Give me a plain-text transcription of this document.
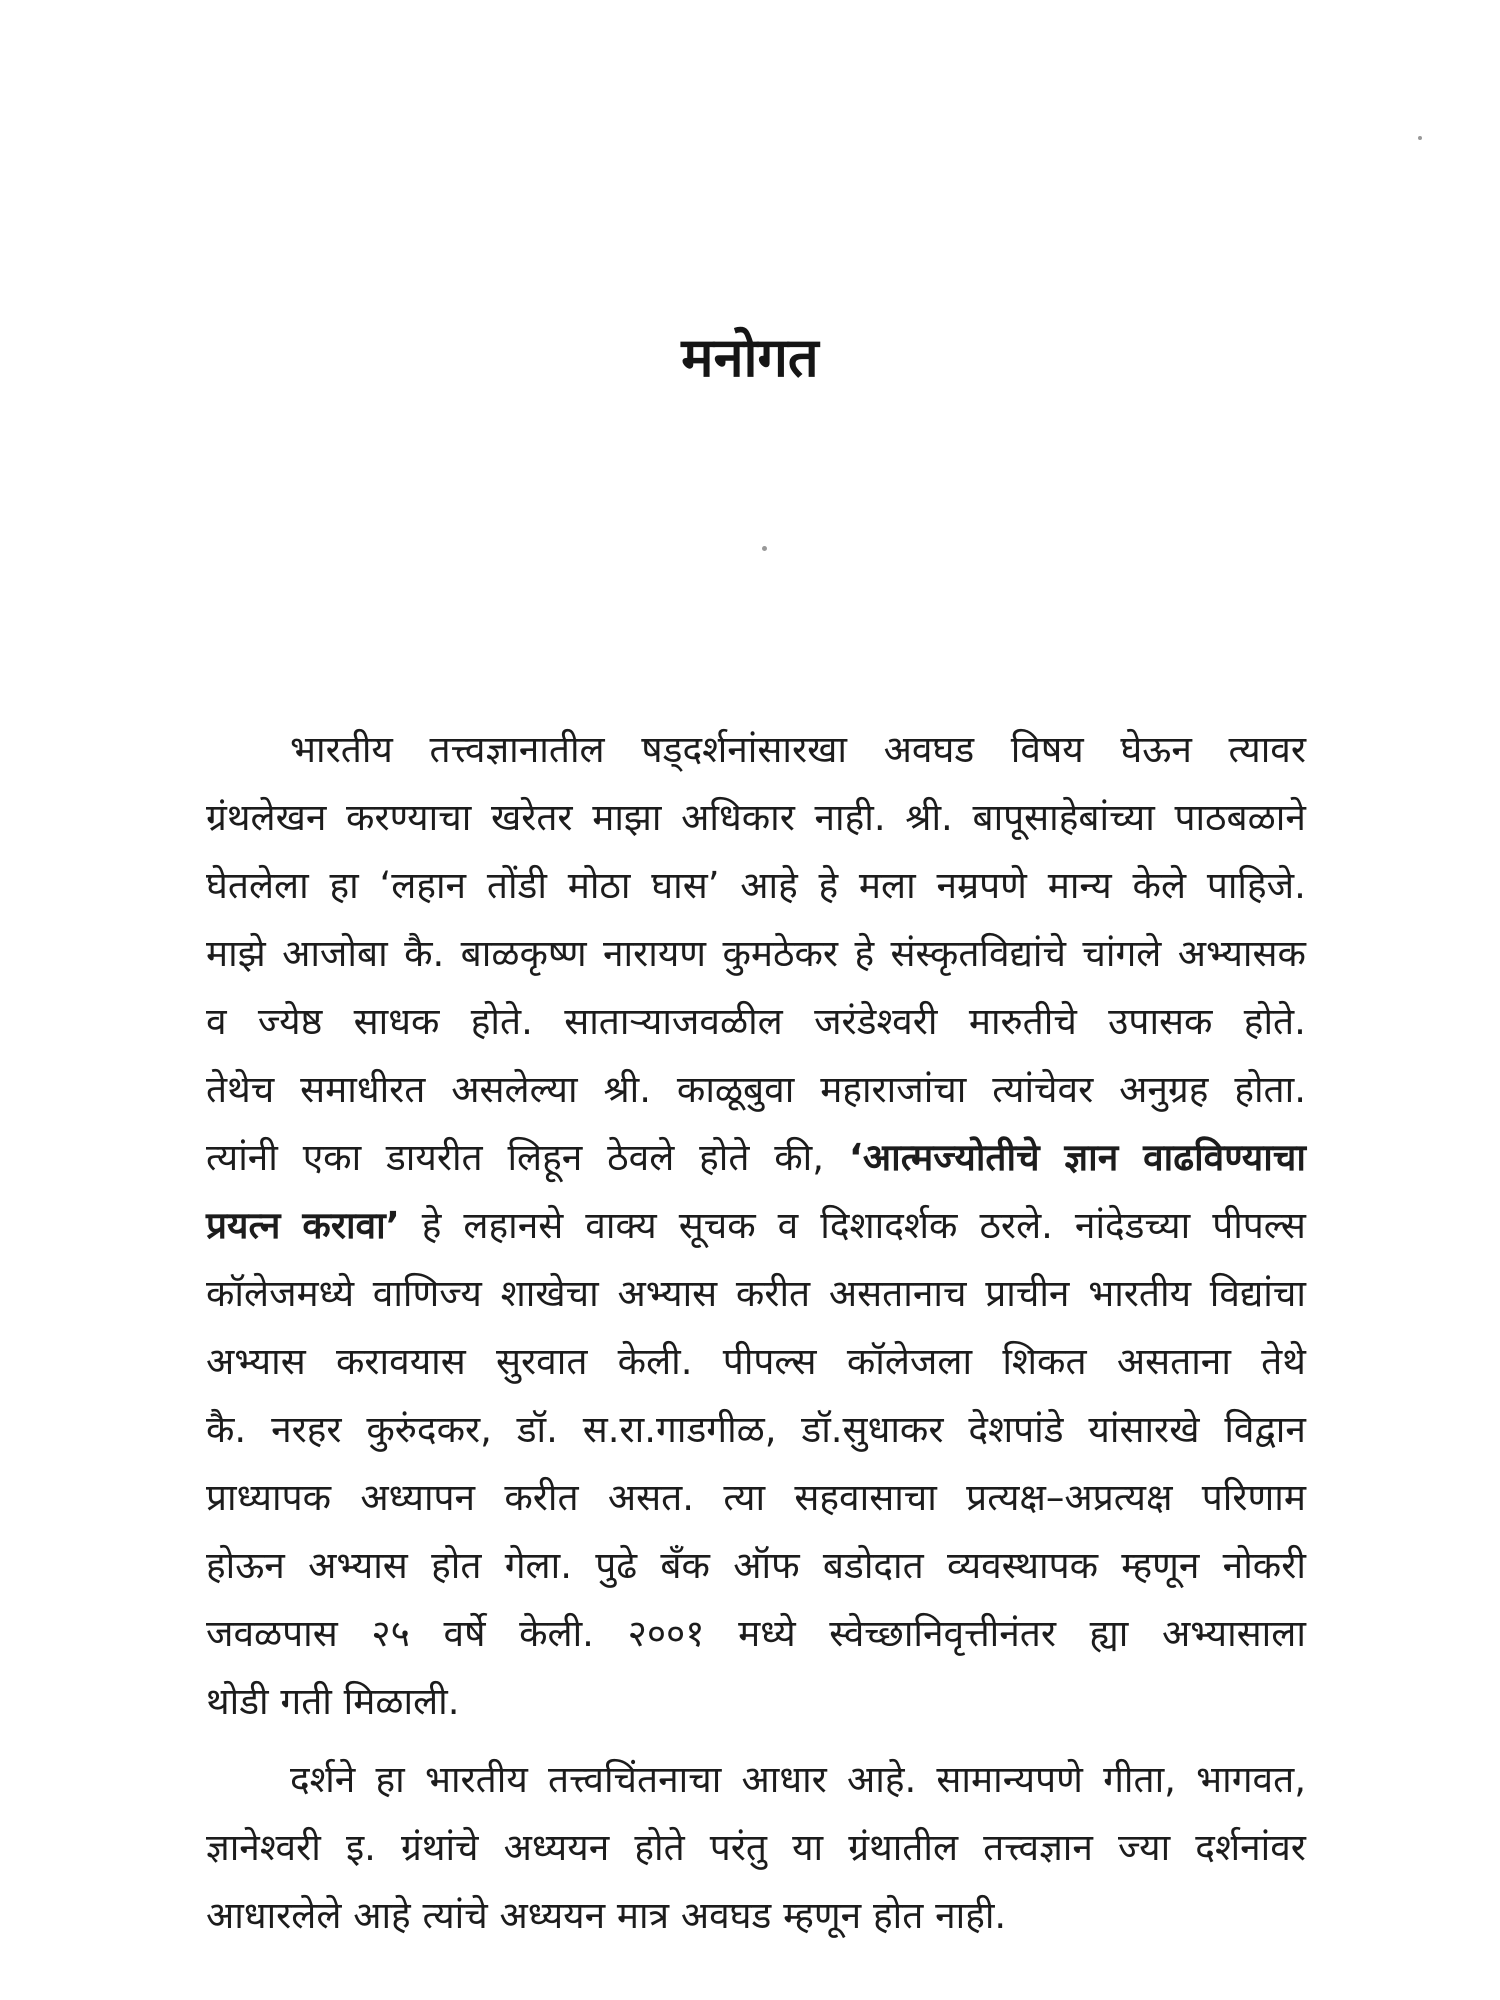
मनोगत
भारतीय तत्त्वज्ञानातील षड्दर्शनांसारखा अवघड विषय घेऊन त्यावर
ग्रंथलेखन करण्याचा खरेतर माझा अधिकार नाही. श्री. बापूसाहेबांच्या पाठबळाने
घेतलेला हा ‘लहान तोंडी मोठा घास’ आहे हे मला नम्रपणे मान्य केले पाहिजे.
माझे आजोबा कै. बाळकृष्ण नारायण कुमठेकर हे संस्कृतविद्यांचे चांगले अभ्यासक
व ज्येष्ठ साधक होते. साताऱ्याजवळील जरंडेश्वरी मारुतीचे उपासक होते.
तेथेच समाधीरत असलेल्या श्री. काळूबुवा महाराजांचा त्यांचेवर अनुग्रह होता.
त्यांनी एका डायरीत लिहून ठेवले होते की, ‘आत्मज्योतीचे ज्ञान वाढविण्याचा
प्रयत्न करावा’ हे लहानसे वाक्य सूचक व दिशादर्शक ठरले. नांदेडच्या पीपल्स
कॉलेजमध्ये वाणिज्य शाखेचा अभ्यास करीत असतानाच प्राचीन भारतीय विद्यांचा
अभ्यास करावयास सुरवात केली. पीपल्स कॉलेजला शिकत असताना तेथे
कै. नरहर कुरुंदकर, डॉ. स.रा.गाडगीळ, डॉ.सुधाकर देशपांडे यांसारखे विद्वान
प्राध्यापक अध्यापन करीत असत. त्या सहवासाचा प्रत्यक्ष–अप्रत्यक्ष परिणाम
होऊन अभ्यास होत गेला. पुढे बँक ऑफ बडोदात व्यवस्थापक म्हणून नोकरी
जवळपास २५ वर्षे केली. २००१ मध्ये स्वेच्छानिवृत्तीनंतर ह्या अभ्यासाला
थोडी
गती
मिळाली.
दर्शने हा भारतीय तत्त्वचिंतनाचा आधार आहे. सामान्यपणे गीता, भागवत,
ज्ञानेश्वरी इ. ग्रंथांचे अध्ययन होते परंतु या ग्रंथातील तत्त्वज्ञान ज्या दर्शनांवर
आधारलेले
आहे
त्यांचे
अध्ययन
मात्र
अवघड
म्हणून
होत
नाही.
